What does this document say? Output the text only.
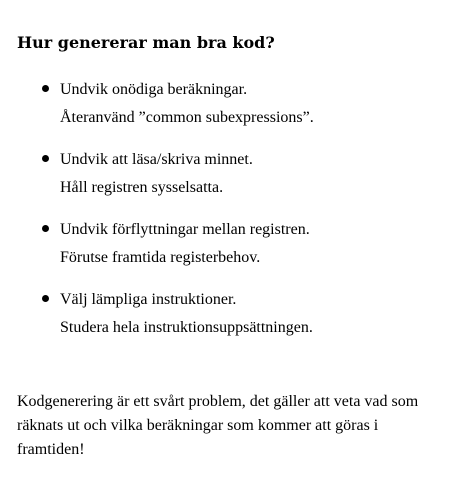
Hur genererar man bra kod?
Undvik onödiga beräkningar.
Återanvänd ”common subexpressions”.
Undvik att läsa/skriva minnet.
Håll registren sysselsatta.
Undvik förflyttningar mellan registren.
Förutse framtida registerbehov.
Välj lämpliga instruktioner.
Studera hela instruktionsuppsättningen.

Kodgenerering är ett svårt problem, det gäller att veta vad som räknats ut och vilka beräkningar som kommer att göras i framtiden!
